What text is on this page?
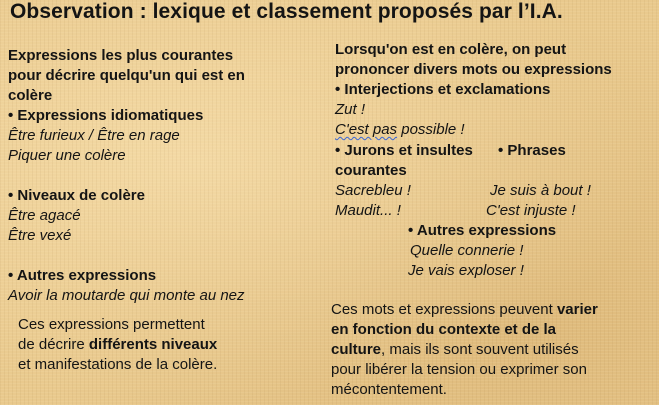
Observation : lexique et classement proposés par l’I.A.
Expressions les plus courantes
pour décrire quelqu'un qui est en
colère
• Expressions idiomatiques
Être furieux / Être en rage
Piquer une colère
• Niveaux de colère
Être agacé
Être vexé
• Autres expressions
Avoir la moutarde qui monte au nez
Ces expressions permettent
de décrire différents niveaux
et manifestations de la colère.
Lorsqu'on est en colère, on peut
prononcer divers mots ou expressions
• Interjections et exclamations
Zut !
C'est pas possible !
• Jurons et insultes • Phrases
courantes
Sacrebleu !
Maudit... !
Je suis à bout !
C'est injuste !
• Autres expressions
Quelle connerie !
Je vais exploser !
Ces mots et expressions peuvent varier
en fonction du contexte et de la
culture, mais ils sont souvent utilisés
pour libérer la tension ou exprimer son
mécontentement.
